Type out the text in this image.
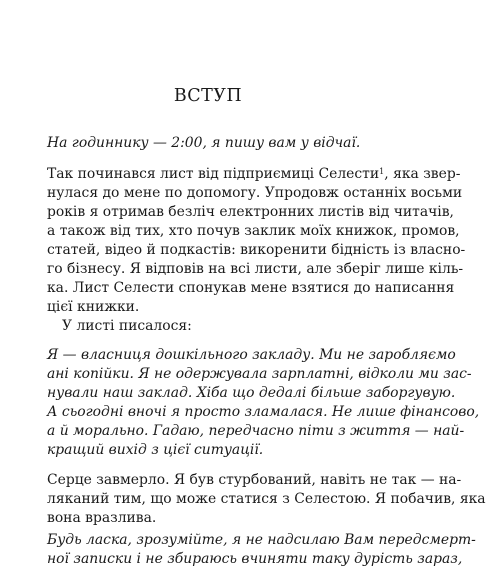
ВСТУП
На годиннику — 2:00, я пишу вам у відчаї.
Так починався лист від підприємиці Селести$^1$, яка звер-
нулася до мене по допомогу. Упродовж останніх восьми
років я отримав безліч електронних листів від читачів,
а також від тих, хто почув заклик моїх книжок, промов,
статей, відео й подкастів: викоренити бідність із власно-
го бізнесу. Я відповів на всі листи, але зберіг лише кіль-
ка. Лист Селести спонукав мене взятися до написання
цієї книжки.
У листі писалося:
Я — власниця дошкільного закладу. Ми не заробляємо
ані копійки. Я не одержувала зарплатні, відколи ми зас-
нували наш заклад. Хіба що дедалі більше заборгувую.
А сьогодні вночі я просто зламалася. Не лише фінансово,
а й морально. Гадаю, передчасно піти з життя — най-
кращий вихід з цієї ситуації.
Серце завмерло. Я був стурбований, навіть не так — на-
ляканий тим, що може статися з Селестою. Я побачив, яка
вона вразлива.
Будь ласка, зрозумійте, я не надсилаю Вам передсмерт-
ної записки і не збираюсь вчиняти таку дурість зараз,
